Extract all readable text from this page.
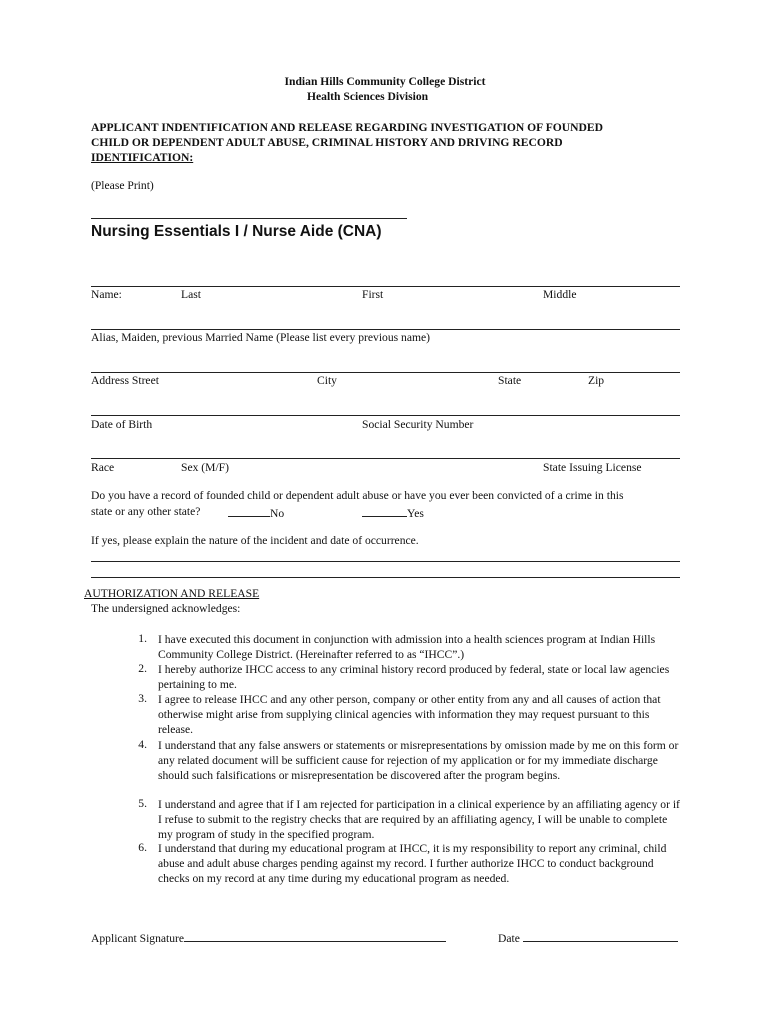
Indian Hills Community College District
Health Sciences Division
APPLICANT INDENTIFICATION AND RELEASE REGARDING INVESTIGATION OF FOUNDED
CHILD OR DEPENDENT ADULT ABUSE, CRIMINAL HISTORY AND DRIVING RECORD
IDENTIFICATION:
(Please Print)
Nursing Essentials I / Nurse Aide (CNA)
Name:	Last	First	Middle
Alias, Maiden, previous Married Name (Please list every previous name)
Address Street	City	State	Zip
Date of Birth	Social Security Number
Race	Sex (M/F)	State Issuing License
Do you have a record of founded child or dependent adult abuse or have you ever been convicted of a crime in this
state or any other state?	No	Yes
If yes, please explain the nature of the incident and date of occurrence.
AUTHORIZATION AND RELEASE
The undersigned acknowledges:
1. I have executed this document in conjunction with admission into a health sciences program at Indian Hills Community College District. (Hereinafter referred to as “IHCC”.)
2. I hereby authorize IHCC access to any criminal history record produced by federal, state or local law agencies pertaining to me.
3. I agree to release IHCC and any other person, company or other entity from any and all causes of action that otherwise might arise from supplying clinical agencies with information they may request pursuant to this release.
4. I understand that any false answers or statements or misrepresentations by omission made by me on this form or any related document will be sufficient cause for rejection of my application or for my immediate discharge should such falsifications or misrepresentation be discovered after the program begins.
5. I understand and agree that if I am rejected for participation in a clinical experience by an affiliating agency or if I refuse to submit to the registry checks that are required by an affiliating agency, I will be unable to complete my program of study in the specified program.
6. I understand that during my educational program at IHCC, it is my responsibility to report any criminal, child abuse and adult abuse charges pending against my record. I further authorize IHCC to conduct background checks on my record at any time during my educational program as needed.
Applicant Signature	Date
